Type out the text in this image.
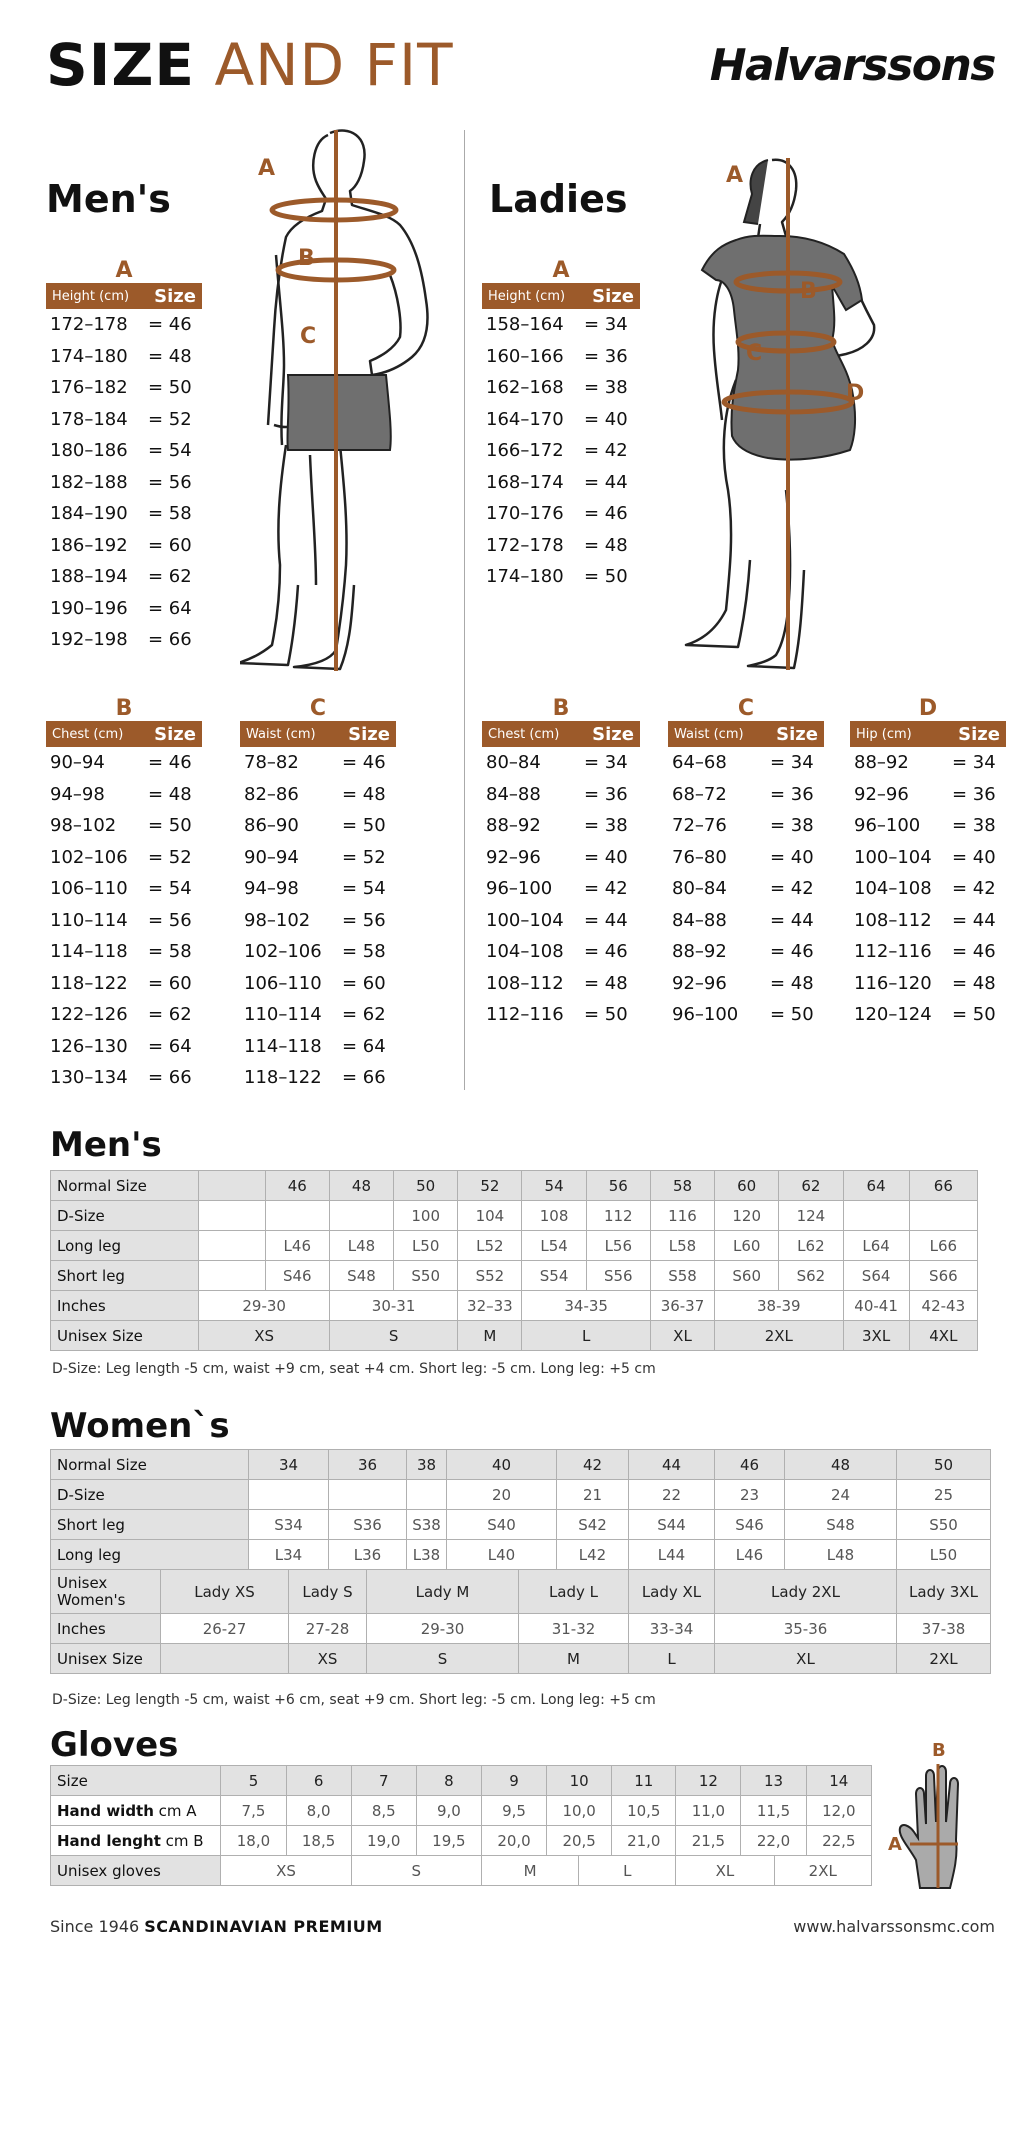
SIZE AND FIT	Halvarssons
Men's
A
Height (cm) Size
172–178	= 46
174–180	= 48
176–182	= 50
178–184	= 52
180–186	= 54
182–188	= 56
184–190	= 58
186–192	= 60
188–194	= 62
190–196	= 64
192–198	= 66
B
Chest (cm) Size
90–94	= 46
94–98	= 48
98–102	= 50
102–106	= 52
106–110	= 54
110–114	= 56
114–118	= 58
118–122	= 60
122–126	= 62
126–130	= 64
130–134	= 66
C
Waist (cm) Size
78–82	= 46
82–86	= 48
86–90	= 50
90–94	= 52
94–98	= 54
98–102	= 56
102–106	= 58
106–110	= 60
110–114	= 62
114–118	= 64
118–122	= 66
A
B
C
Ladies
A
Height (cm) Size
158–164	= 34
160–166	= 36
162–168	= 38
164–170	= 40
166–172	= 42
168–174	= 44
170–176	= 46
172–178	= 48
174–180	= 50
B
Chest (cm) Size
80–84	= 34
84–88	= 36
88–92	= 38
92–96	= 40
96–100	= 42
100–104	= 44
104–108	= 46
108–112	= 48
112–116	= 50
C
Waist (cm) Size
64–68	= 34
68–72	= 36
72–76	= 38
76–80	= 40
80–84	= 42
84–88	= 44
88–92	= 46
92–96	= 48
96–100	= 50
D
Hip (cm)	Size
88–92	= 34
92–96	= 36
96–100	= 38
100–104	= 40
104–108	= 42
108–112	= 44
112–116	= 46
116–120	= 48
120–124	= 50
A
B
C
D
Men's
Normal Size		46	48	50	52	54	56	58	60	62	64	66
D-Size				100	104	108	112	116	120	124		
Long leg		L46	L48	L50	L52	L54	L56	L58	L60	L62	L64	L66
Short leg		S46	S48	S50	S52	S54	S56	S58	S60	S62	S64	S66
Inches	29-30		30-31		32–33	34-35		36-37	38-39		40-41	42-43
Unisex Size	XS		S		M	L		XL	2XL		3XL	4XL
D-Size: Leg length -5 cm, waist +9 cm, seat +4 cm. Short leg: -5 cm. Long leg: +5 cm
Women`s
Normal Size		34		36		38	40		42	44	46	48	50
D-Size							20		21	22	23	24	25
Short leg		S34		S36		S38	S40		S42	S44	S46	S48	S50
Long leg		L34		L36		L38	L40		L42	L44	L46	L48	L50
Unisex
Women's	Lady XS		Lady S		Lady M			Lady L		Lady XL	Lady 2XL		Lady 3XL
Inches	26-27		27-28		29-30			31-32		33-34	35-36		37-38
Unisex Size			XS		S			M		L	XL		2XL
D-Size: Leg length -5 cm, waist +6 cm, seat +9 cm. Short leg: -5 cm. Long leg: +5 cm
Gloves
Size	5	6	7	8	9	10		11	12	13		14
Hand width cm A	7,5	8,0	8,5	9,0	9,5	10,0		10,5	11,0	11,5		12,0
Hand lenght cm B	18,0	18,5	19,0	19,5	20,0	20,5		21,0	21,5	22,0		22,5
Unisex gloves	XS		S		M		L		XL		2XL	
B
A
Since 1946 SCANDINAVIAN PREMIUM	www.halvarssonsmc.com
